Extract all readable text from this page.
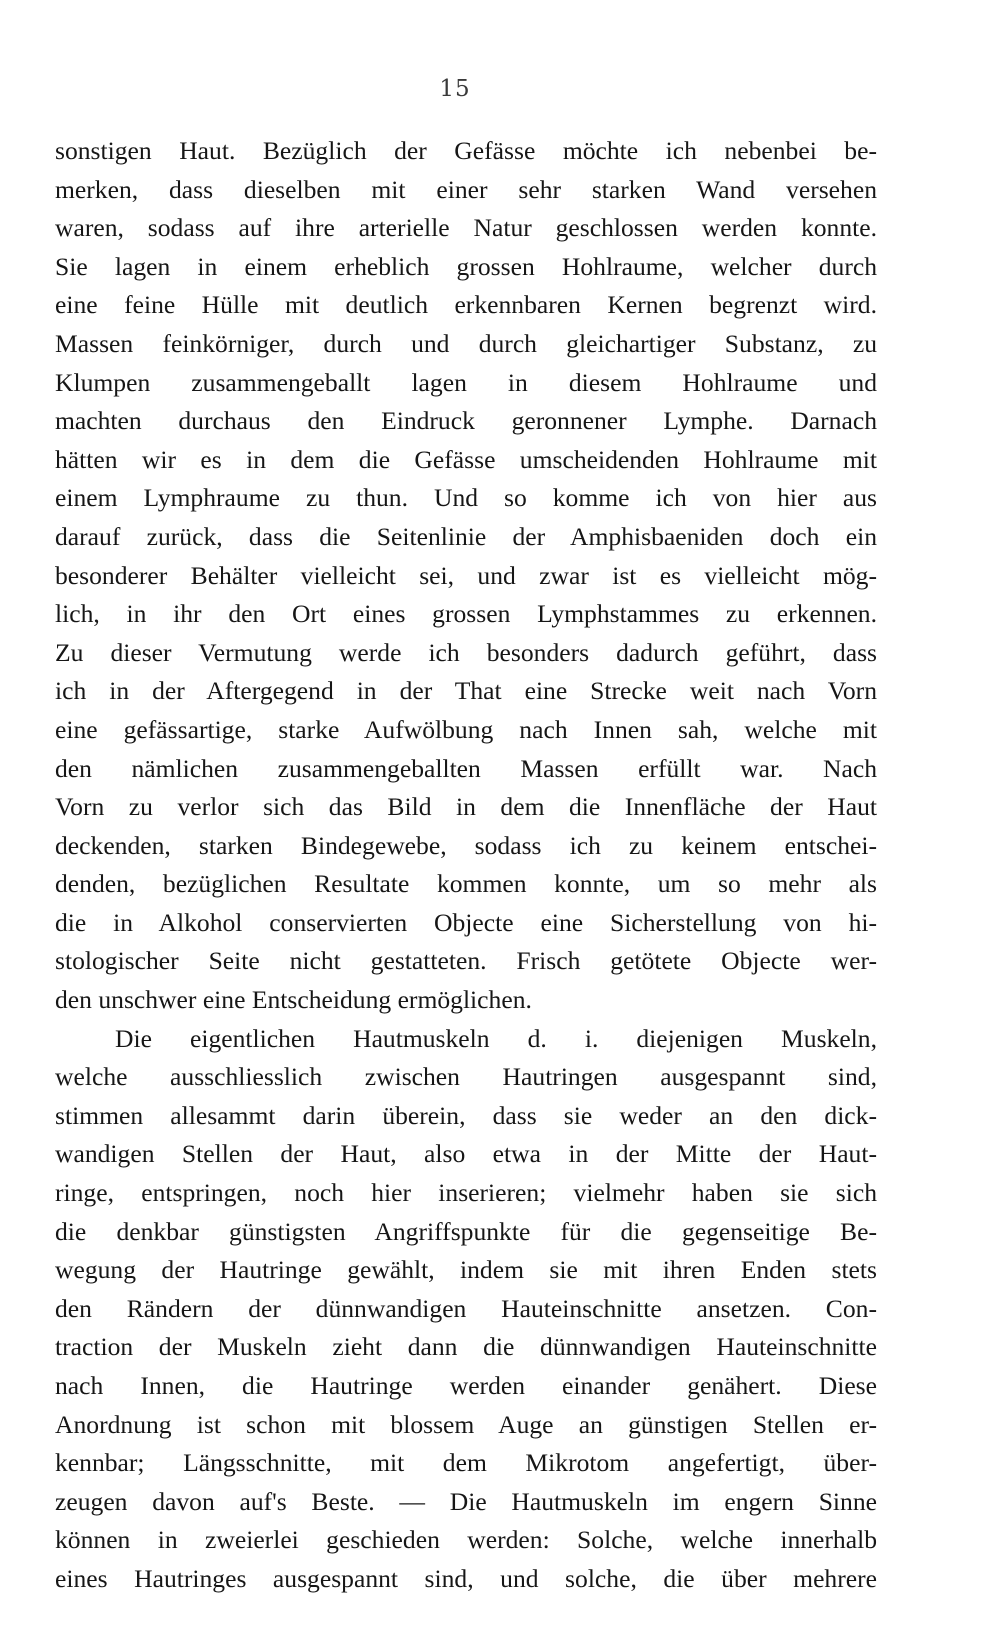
15
sonstigen Haut. Bezüglich der Gefässe möchte ich nebenbei be-
merken, dass dieselben mit einer sehr starken Wand versehen
waren, sodass auf ihre arterielle Natur geschlossen werden konnte.
Sie lagen in einem erheblich grossen Hohlraume, welcher durch
eine feine Hülle mit deutlich erkennbaren Kernen begrenzt wird.
Massen feinkörniger, durch und durch gleichartiger Substanz, zu
Klumpen zusammengeballt lagen in diesem Hohlraume und
machten durchaus den Eindruck geronnener Lymphe. Darnach
hätten wir es in dem die Gefässe umscheidenden Hohlraume mit
einem Lymphraume zu thun. Und so komme ich von hier aus
darauf zurück, dass die Seitenlinie der Amphisbaeniden doch ein
besonderer Behälter vielleicht sei, und zwar ist es vielleicht mög-
lich, in ihr den Ort eines grossen Lymphstammes zu erkennen.
Zu dieser Vermutung werde ich besonders dadurch geführt, dass
ich in der Aftergegend in der That eine Strecke weit nach Vorn
eine gefässartige, starke Aufwölbung nach Innen sah, welche mit
den nämlichen zusammengeballten Massen erfüllt war. Nach
Vorn zu verlor sich das Bild in dem die Innenfläche der Haut
deckenden, starken Bindegewebe, sodass ich zu keinem entschei-
denden, bezüglichen Resultate kommen konnte, um so mehr als
die in Alkohol conservierten Objecte eine Sicherstellung von hi-
stologischer Seite nicht gestatteten. Frisch getötete Objecte wer-
den unschwer eine Entscheidung ermöglichen.
Die eigentlichen Hautmuskeln d. i. diejenigen Muskeln,
welche ausschliesslich zwischen Hautringen ausgespannt sind,
stimmen allesammt darin überein, dass sie weder an den dick-
wandigen Stellen der Haut, also etwa in der Mitte der Haut-
ringe, entspringen, noch hier inserieren; vielmehr haben sie sich
die denkbar günstigsten Angriffspunkte für die gegenseitige Be-
wegung der Hautringe gewählt, indem sie mit ihren Enden stets
den Rändern der dünnwandigen Hauteinschnitte ansetzen. Con-
traction der Muskeln zieht dann die dünnwandigen Hauteinschnitte
nach Innen, die Hautringe werden einander genähert. Diese
Anordnung ist schon mit blossem Auge an günstigen Stellen er-
kennbar; Längsschnitte, mit dem Mikrotom angefertigt, über-
zeugen davon auf's Beste. — Die Hautmuskeln im engern Sinne
können in zweierlei geschieden werden: Solche, welche innerhalb
eines Hautringes ausgespannt sind, und solche, die über mehrere
